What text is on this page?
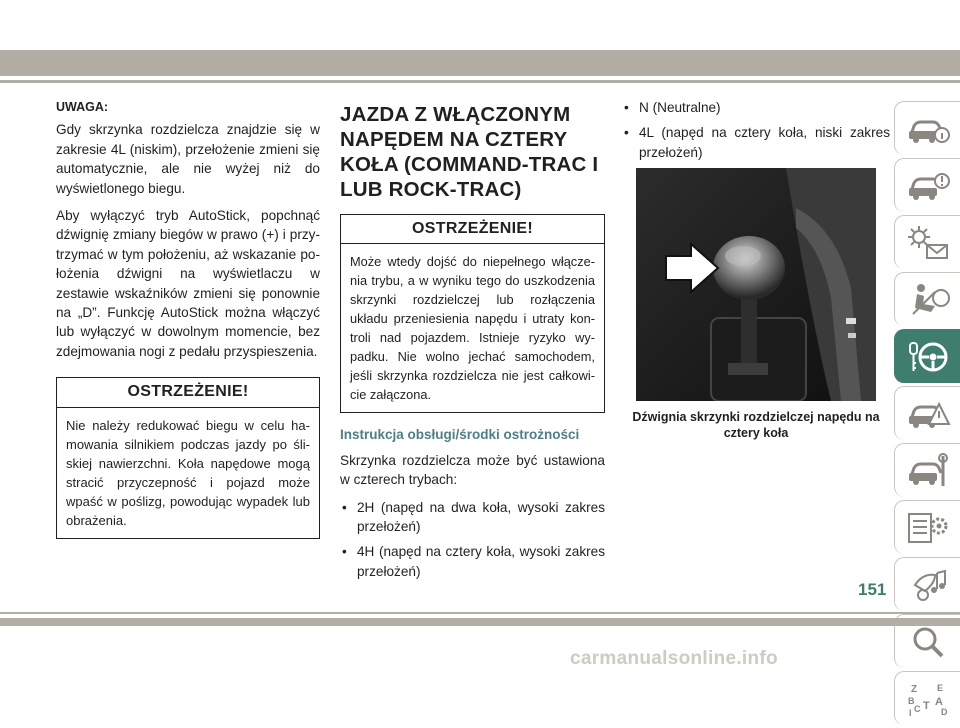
UWAGA:

Gdy skrzynka rozdzielcza znajdzie się w zakresie 4L (niskim), przełożenie zmieni się automatycznie, ale nie wyżej niż do wyświetlonego biegu.

Aby wyłączyć tryb AutoStick, popchnąć dźwignię zmiany biegów w prawo (+) i przytrzymać w tym położeniu, aż wskazanie położenia dźwigni na wyświetlaczu w zestawie wskaźników zmieni się ponownie na „D”. Funkcję AutoStick można włączyć lub wyłączyć w dowolnym momencie, bez zdejmowania nogi z pedału przyspieszenia.

OSTRZEŻENIE!
Nie należy redukować biegu w celu hamowania silnikiem podczas jazdy po śliskiej nawierzchni. Koła napędowe mogą stracić przyczepność i pojazd może wpaść w poślizg, powodując wypadek lub obrażenia.
JAZDA Z WŁĄCZONYM NAPĘDEM NA CZTERY KOŁA (COMMAND-TRAC I LUB ROCK-TRAC)
OSTRZEŻENIE!
Może wtedy dojść do niepełnego włączenia trybu, a w wyniku tego do uszkodzenia skrzynki rozdzielczej lub rozłączenia układu przeniesienia napędu i utraty kontroli nad pojazdem. Istnieje ryzyko wypadku. Nie wolno jechać samochodem, jeśli skrzynka rozdzielcza nie jest całkowicie załączona.
Instrukcja obsługi/środki ostrożności

Skrzynka rozdzielcza może być ustawiona w czterech trybach:

• 2H (napęd na dwa koła, wysoki zakres przełożeń)
• 4H (napęd na cztery koła, wysoki zakres przełożeń)
• N (Neutralne)
• 4L (napęd na cztery koła, niski zakres przełożeń)
Dźwignia skrzynki rozdzielczej napędu na cztery koła
Z E
B A
C T D
I
151
carmanualsonline.info
